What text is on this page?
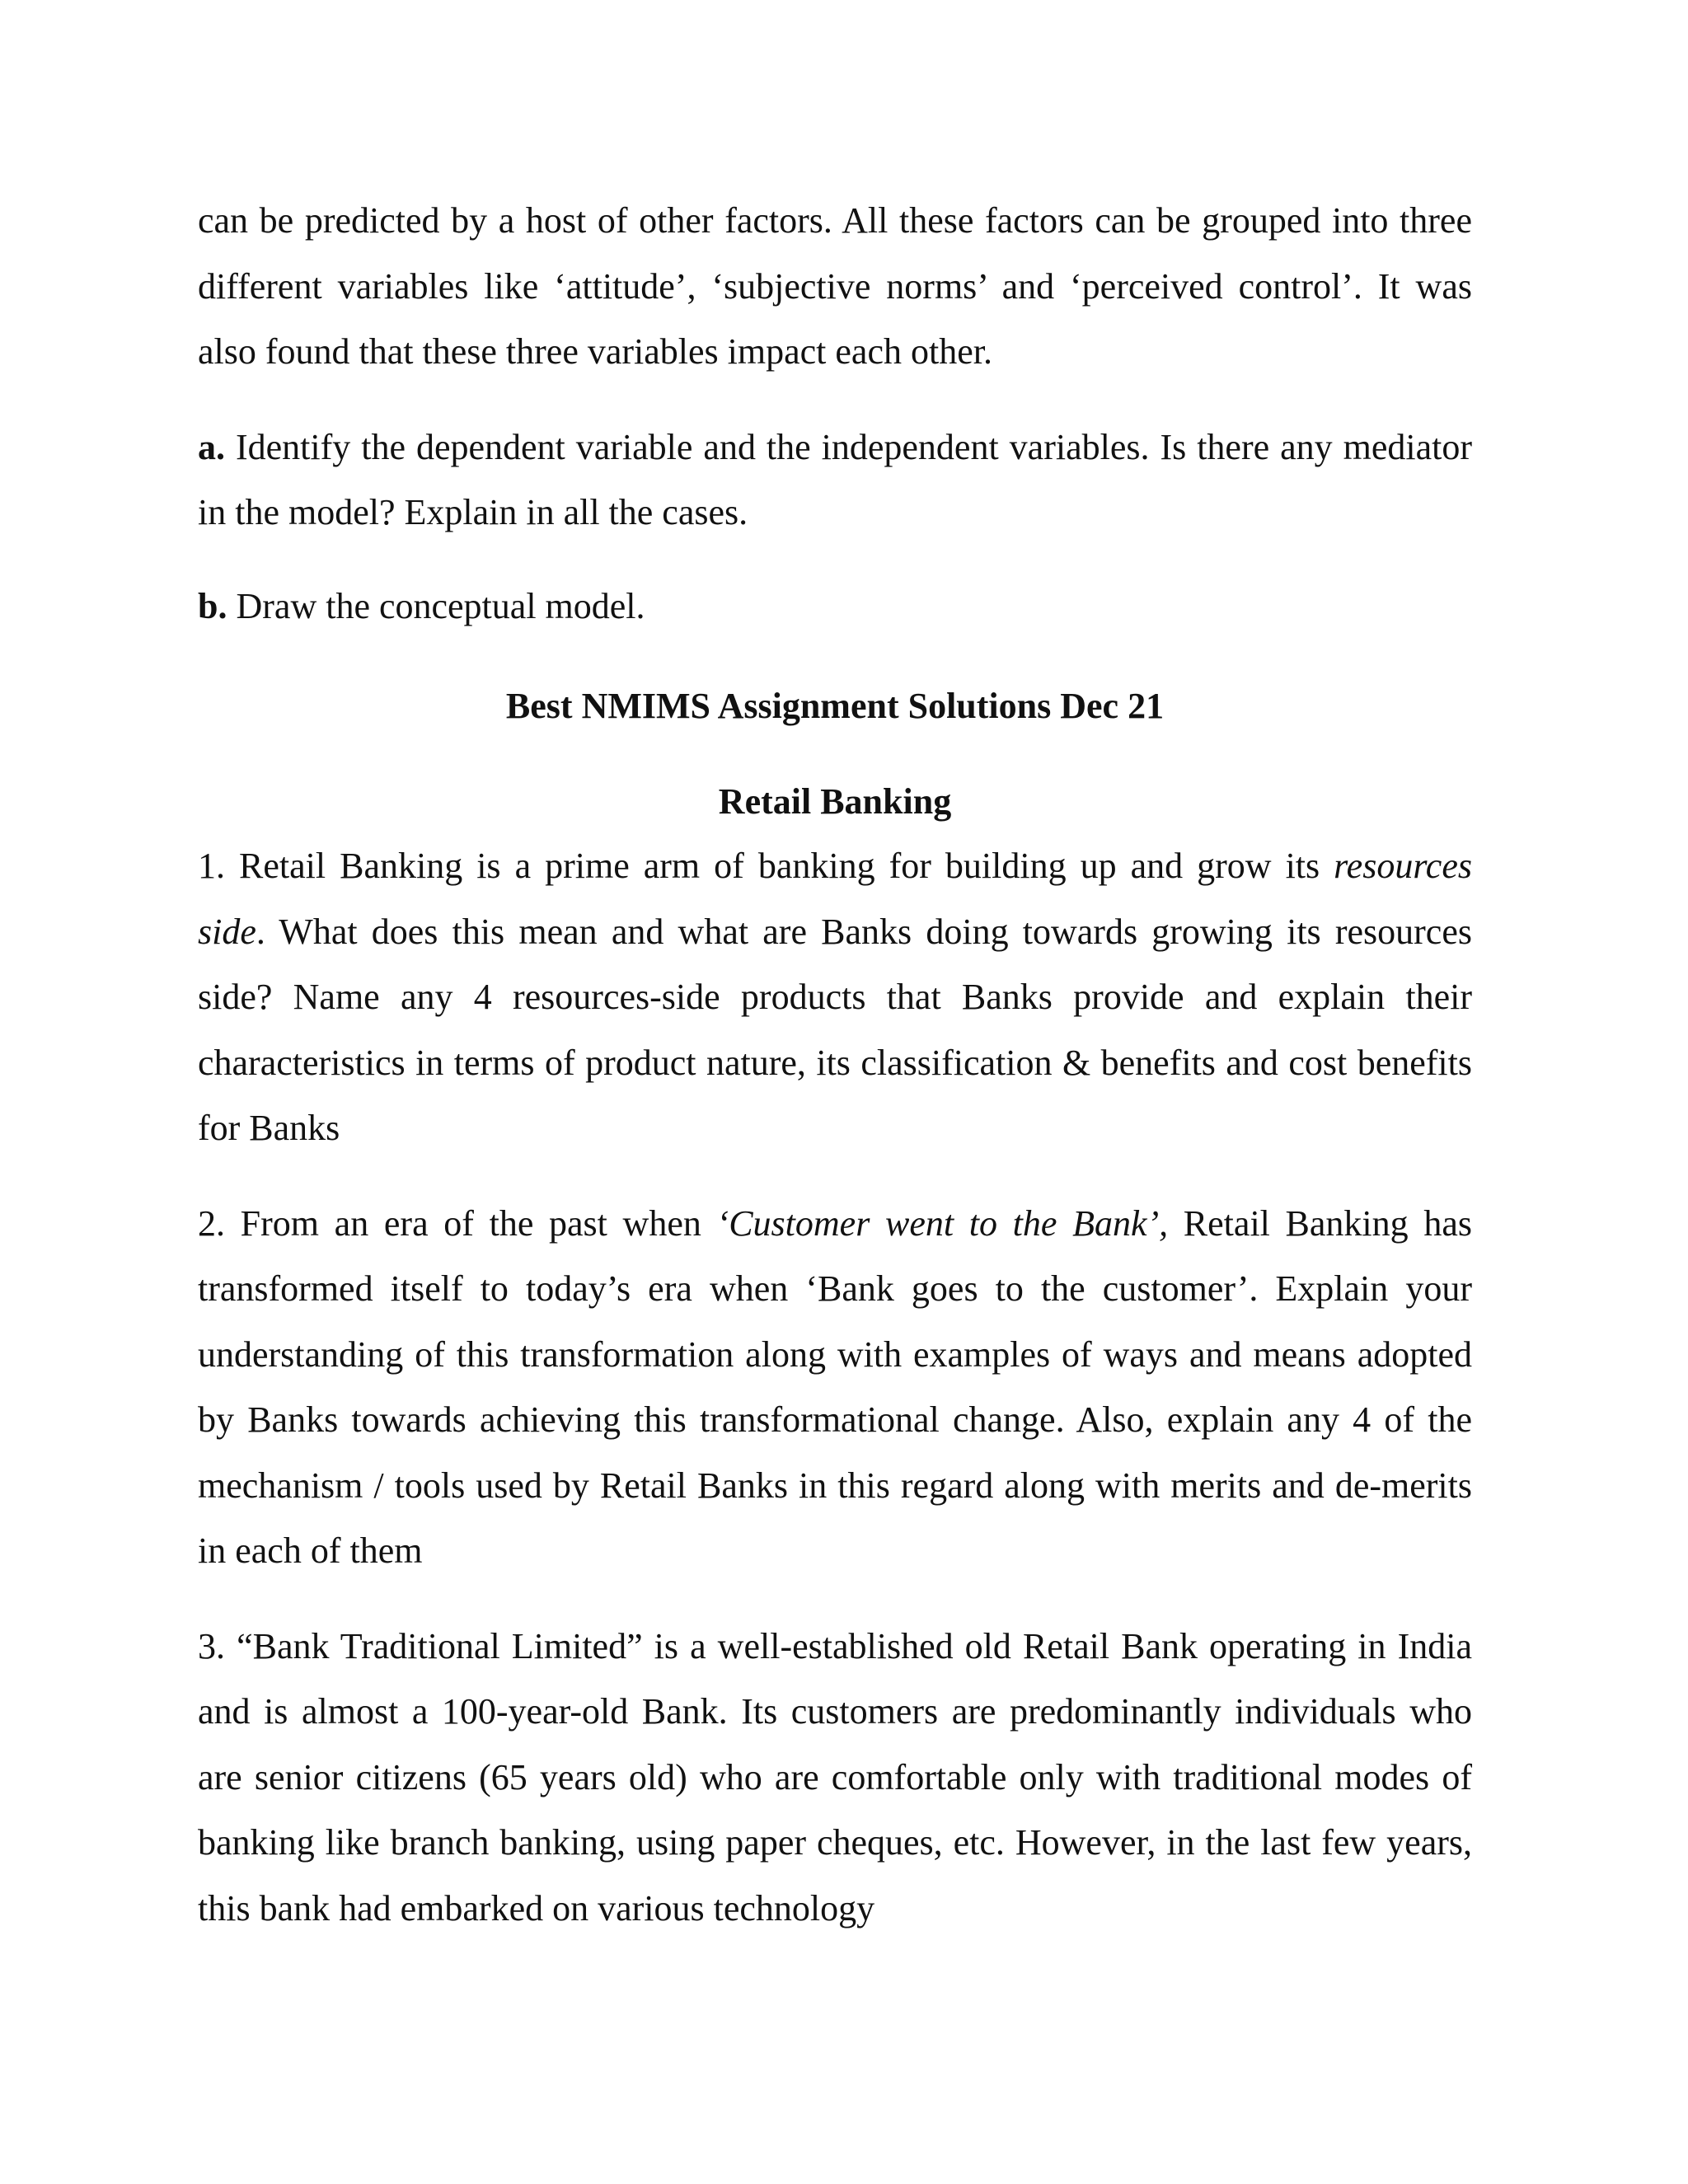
can be predicted by a host of other factors. All these factors can be grouped into three different variables like ‘attitude’, ‘subjective norms’ and ‘perceived control’. It was also found that these three variables impact each other.

a. Identify the dependent variable and the independent variables. Is there any mediator in the model? Explain in all the cases.

b. Draw the conceptual model.

Best NMIMS Assignment Solutions Dec 21

Retail Banking

1. Retail Banking is a prime arm of banking for building up and grow its resources side. What does this mean and what are Banks doing towards growing its resources side? Name any 4 resources-side products that Banks provide and explain their characteristics in terms of product nature, its classification & benefits and cost benefits for Banks

2. From an era of the past when ‘Customer went to the Bank’, Retail Banking has transformed itself to today’s era when ‘Bank goes to the customer’. Explain your understanding of this transformation along with examples of ways and means adopted by Banks towards achieving this transformational change. Also, explain any 4 of the mechanism / tools used by Retail Banks in this regard along with merits and de-merits in each of them

3. “Bank Traditional Limited” is a well-established old Retail Bank operating in India and is almost a 100-year-old Bank. Its customers are predominantly individuals who are senior citizens (65 years old) who are comfortable only with traditional modes of banking like branch banking, using paper cheques, etc. However, in the last few years, this bank had embarked on various technology
